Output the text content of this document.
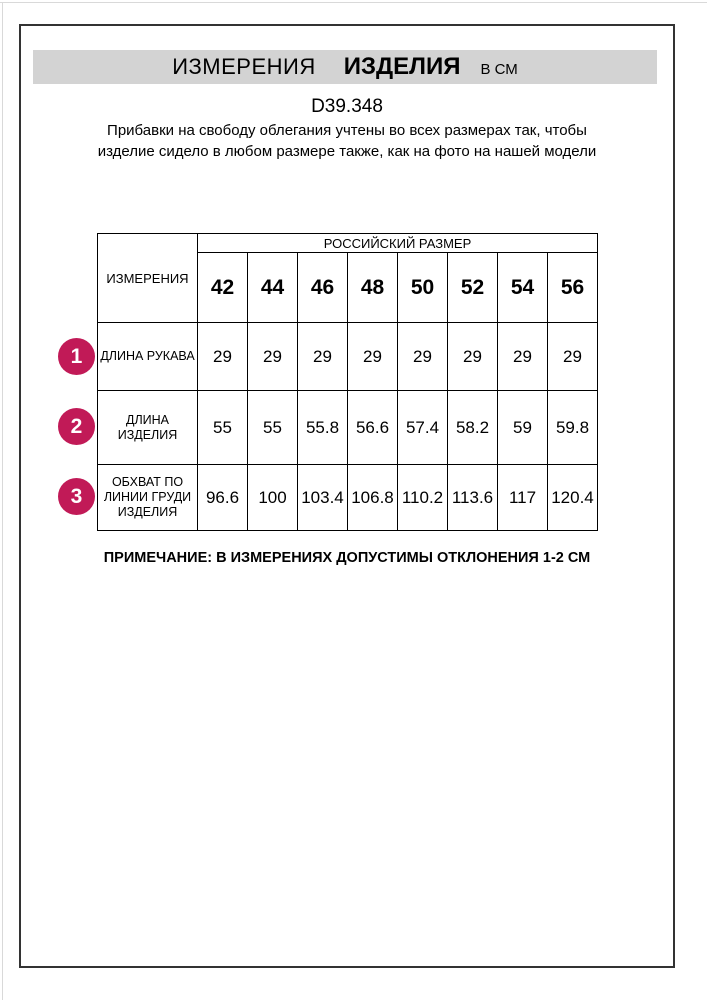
ИЗМЕРЕНИЯ ИЗДЕЛИЯ В СМ
D39.348
Прибавки на свободу облегания учтены во всех размерах так, чтобы изделие сидело в любом размере также, как на фото на нашей модели
ИЗМЕРЕНИЯ	РОССИЙСКИЙ РАЗМЕР							
	42	44	46	48	50	52	54	56

ДЛИНА РУКАВА	29	29	29	29	29	29	29	29

ДЛИНА
ИЗДЕЛИЯ	55	55	55.8	56.6	57.4	58.2	59	59.8

ОБХВАТ ПО
ЛИНИИ ГРУДИ
ИЗДЕЛИЯ	96.6	100	103.4	106.8	110.2	113.6	117	120.4
1
2
3
ПРИМЕЧАНИЕ: В ИЗМЕРЕНИЯХ ДОПУСТИМЫ ОТКЛОНЕНИЯ 1-2 СМ
